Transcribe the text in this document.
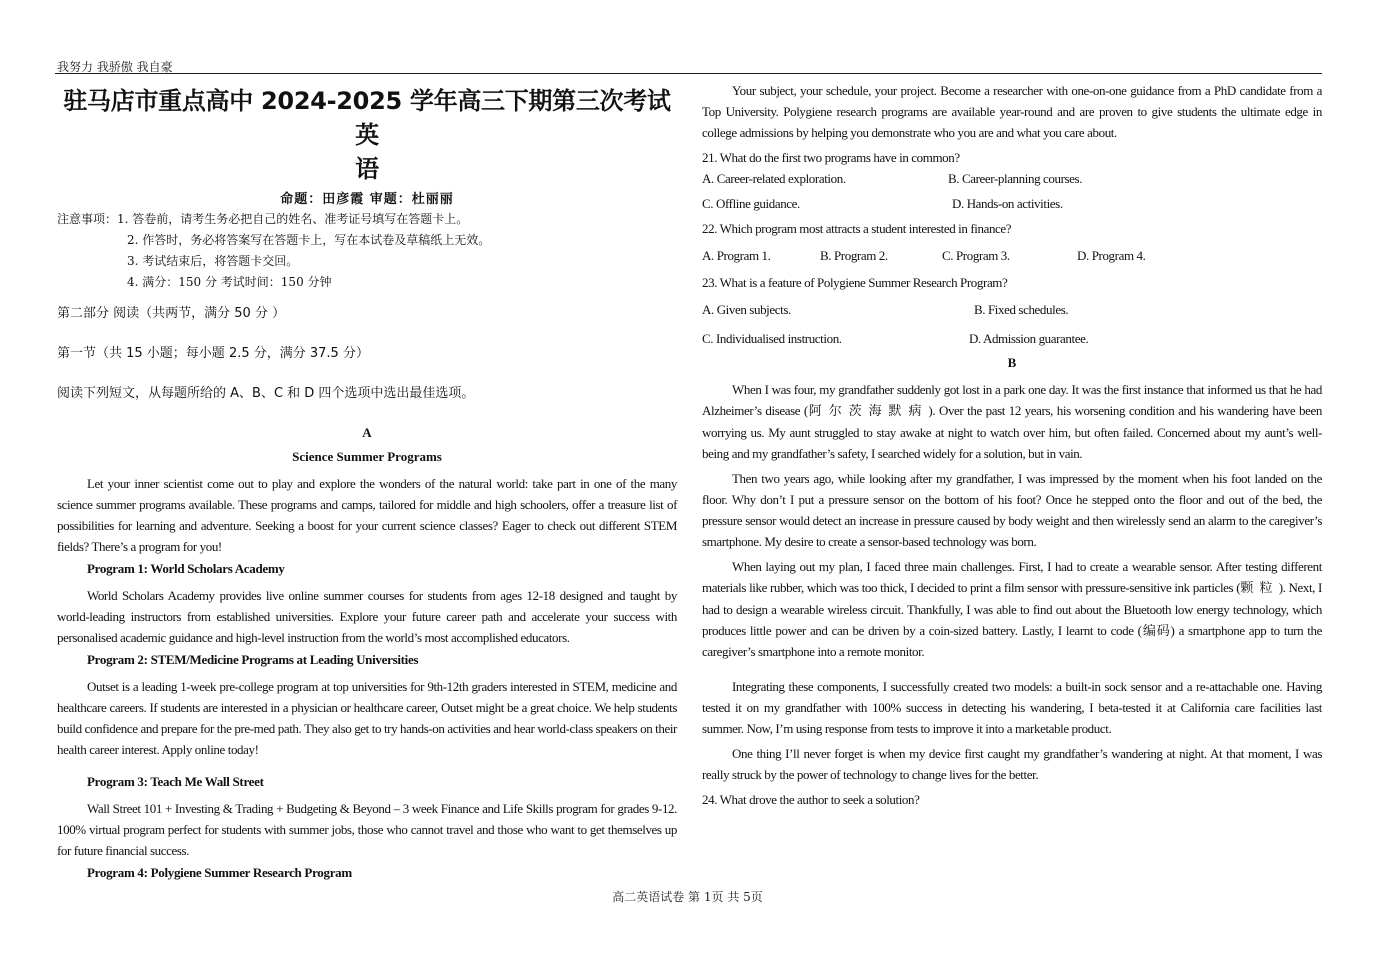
我努力 我骄傲 我自豪
驻马店市重点高中 2024-2025 学年高三下期第三次考试英
语
命题：田彦霞 审题：杜丽丽
注意事项：1. 答卷前，请考生务必把自己的姓名、准考证号填写在答题卡上。
2. 作答时，务必将答案写在答题卡上，写在本试卷及草稿纸上无效。
3. 考试结束后，将答题卡交回。
4. 满分：150 分 考试时间：150 分钟
第二部分 阅读（共两节，满分 50 分 ）
第一节（共 15 小题；每小题 2.5 分，满分 37.5 分）
阅读下列短文，从每题所给的 A、B、C 和 D 四个选项中选出最佳选项。
A
Science Summer Programs

Let your inner scientist come out to play and explore the wonders of the natural world: take part in one of the many science summer programs available. These programs and camps, tailored for middle and high schoolers, offer a treasure list of possibilities for learning and adventure. Seeking a boost for your current science classes? Eager to check out different STEM fields? There’s a program for you!

Program 1: World Scholars Academy

World Scholars Academy provides live online summer courses for students from ages 12-18 designed and taught by world-leading instructors from established universities. Explore your future career path and accelerate your success with personalised academic guidance and high-level instruction from the world’s most accomplished educators.

Program 2: STEM/Medicine Programs at Leading Universities

Outset is a leading 1-week pre-college program at top universities for 9th-12th graders interested in STEM, medicine and healthcare careers. If students are interested in a physician or healthcare career, Outset might be a great choice. We help students build confidence and prepare for the pre-med path. They also get to try hands-on activities and hear world-class speakers on their health career interest. Apply online today!

Program 3: Teach Me Wall Street

Wall Street 101 + Investing & Trading + Budgeting & Beyond – 3 week Finance and Life Skills program for grades 9-12. 100% virtual program perfect for students with summer jobs, those who cannot travel and those who want to get themselves up for future financial success.

Program 4: Polygiene Summer Research Program

Your subject, your schedule, your project. Become a researcher with one-on-one guidance from a PhD candidate from a Top University. Polygiene research programs are available year-round and are proven to give students the ultimate edge in college admissions by helping you demonstrate who you are and what you care about.

21. What do the first two programs have in common?
A. Career-related exploration.	B. Career-planning courses.
C. Offline guidance.	D. Hands-on activities.
22. Which program most attracts a student interested in finance?
A. Program 1.	B. Program 2.	C. Program 3.	D. Program 4.
23. What is a feature of Polygiene Summer Research Program?
A. Given subjects.	B. Fixed schedules.
C. Individualised instruction.	D. Admission guarantee.
B

When I was four, my grandfather suddenly got lost in a park one day. It was the first instance that informed us that he had Alzheimer’s disease (阿尔茨海默病). Over the past 12 years, his worsening condition and his wandering have been worrying us. My aunt struggled to stay awake at night to watch over him, but often failed. Concerned about my aunt’s well-being and my grandfather’s safety, I searched widely for a solution, but in vain.

Then two years ago, while looking after my grandfather, I was impressed by the moment when his foot landed on the floor. Why don’t I put a pressure sensor on the bottom of his foot? Once he stepped onto the floor and out of the bed, the pressure sensor would detect an increase in pressure caused by body weight and then wirelessly send an alarm to the caregiver’s smartphone. My desire to create a sensor-based technology was born.

When laying out my plan, I faced three main challenges. First, I had to create a wearable sensor. After testing different materials like rubber, which was too thick, I decided to print a film sensor with pressure-sensitive ink particles (颗粒). Next, I had to design a wearable wireless circuit. Thankfully, I was able to find out about the Bluetooth low energy technology, which produces little power and can be driven by a coin-sized battery. Lastly, I learnt to code (编码) a smartphone app to turn the caregiver’s smartphone into a remote monitor.

Integrating these components, I successfully created two models: a built-in sock sensor and a re-attachable one. Having tested it on my grandfather with 100% success in detecting his wandering, I beta-tested it at California care facilities last summer. Now, I’m using response from tests to improve it into a marketable product.

One thing I’ll never forget is when my device first caught my grandfather’s wandering at night. At that moment, I was really struck by the power of technology to change lives for the better.

24. What drove the author to seek a solution?
高二英语试卷 第 1页 共 5页
